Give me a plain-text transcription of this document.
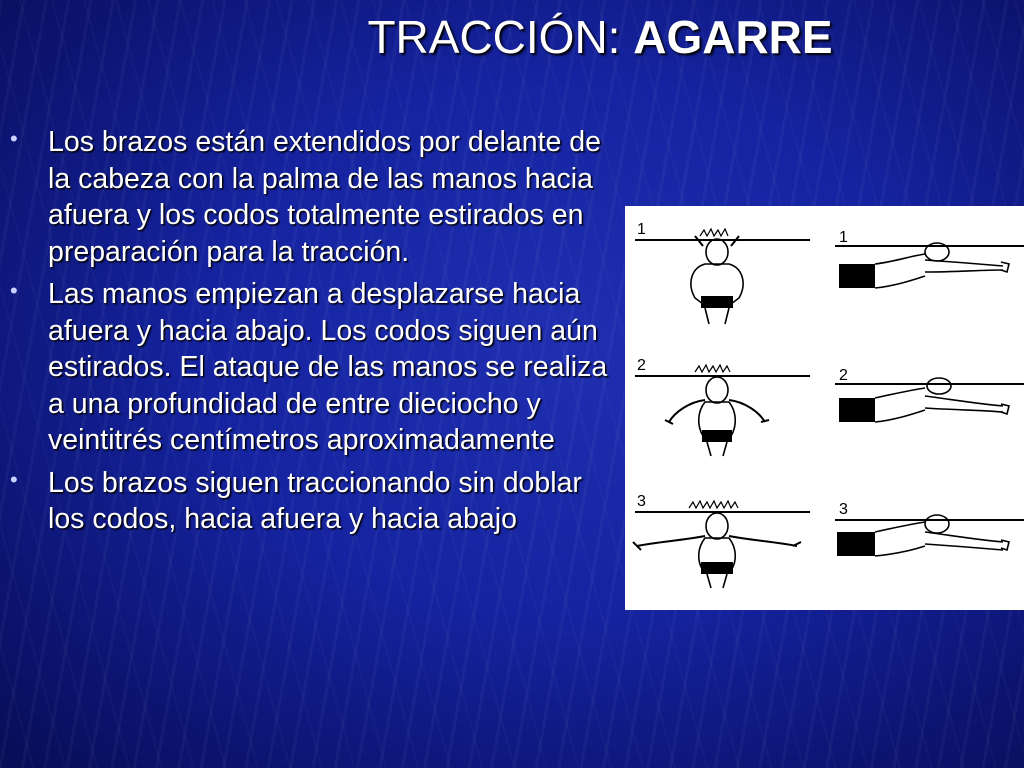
TRACCIÓN: AGARRE
• Los brazos están extendidos por delante de la cabeza con la palma de las manos hacia afuera y los codos totalmente estirados en preparación para la tracción.
• Las manos empiezan a desplazarse hacia afuera y hacia abajo. Los codos siguen aún estirados. El ataque de las manos se realiza a una profundidad de entre dieciocho y veintitrés centímetros aproximadamente
• Los brazos siguen traccionando sin doblar los codos, hacia afuera y hacia abajo
1
2
3
1
2
3
